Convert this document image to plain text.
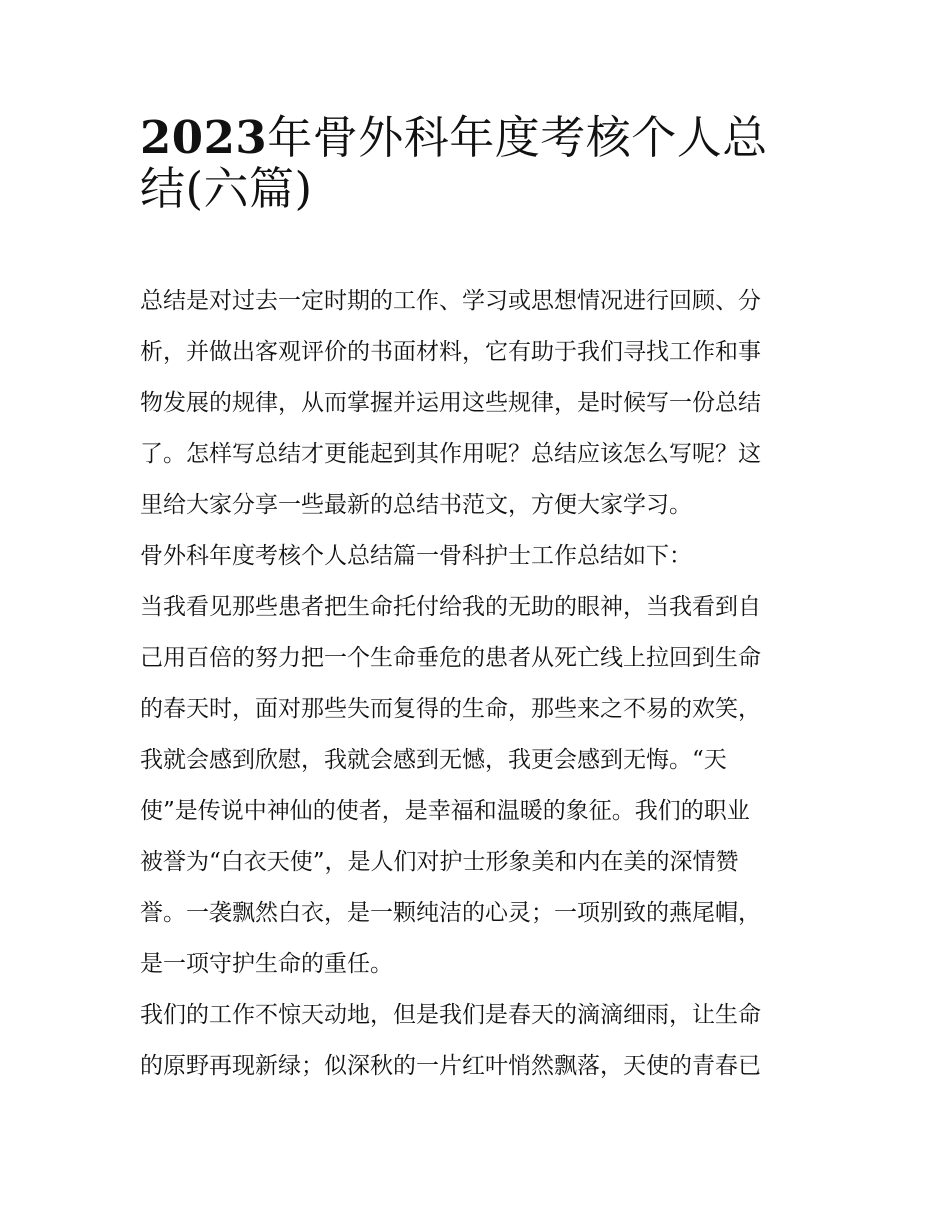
2023年骨外科年度考核个人总
结(六篇)
总结是对过去一定时期的工作、学习或思想情况进行回顾、分
析，并做出客观评价的书面材料，它有助于我们寻找工作和事
物发展的规律，从而掌握并运用这些规律，是时候写一份总结
了。怎样写总结才更能起到其作用呢？总结应该怎么写呢？这
里给大家分享一些最新的总结书范文，方便大家学习。
骨外科年度考核个人总结篇一骨科护士工作总结如下：
当我看见那些患者把生命托付给我的无助的眼神，当我看到自
己用百倍的努力把一个生命垂危的患者从死亡线上拉回到生命
的春天时，面对那些失而复得的生命，那些来之不易的欢笑，
我就会感到欣慰，我就会感到无憾，我更会感到无悔。“天
使”是传说中神仙的使者，是幸福和温暖的象征。我们的职业
被誉为“白衣天使”，是人们对护士形象美和内在美的深情赞
誉。一袭飘然白衣，是一颗纯洁的心灵；一项别致的燕尾帽，
是一项守护生命的重任。
我们的工作不惊天动地，但是我们是春天的滴滴细雨，让生命
的原野再现新绿；似深秋的一片红叶悄然飘落，天使的青春已
